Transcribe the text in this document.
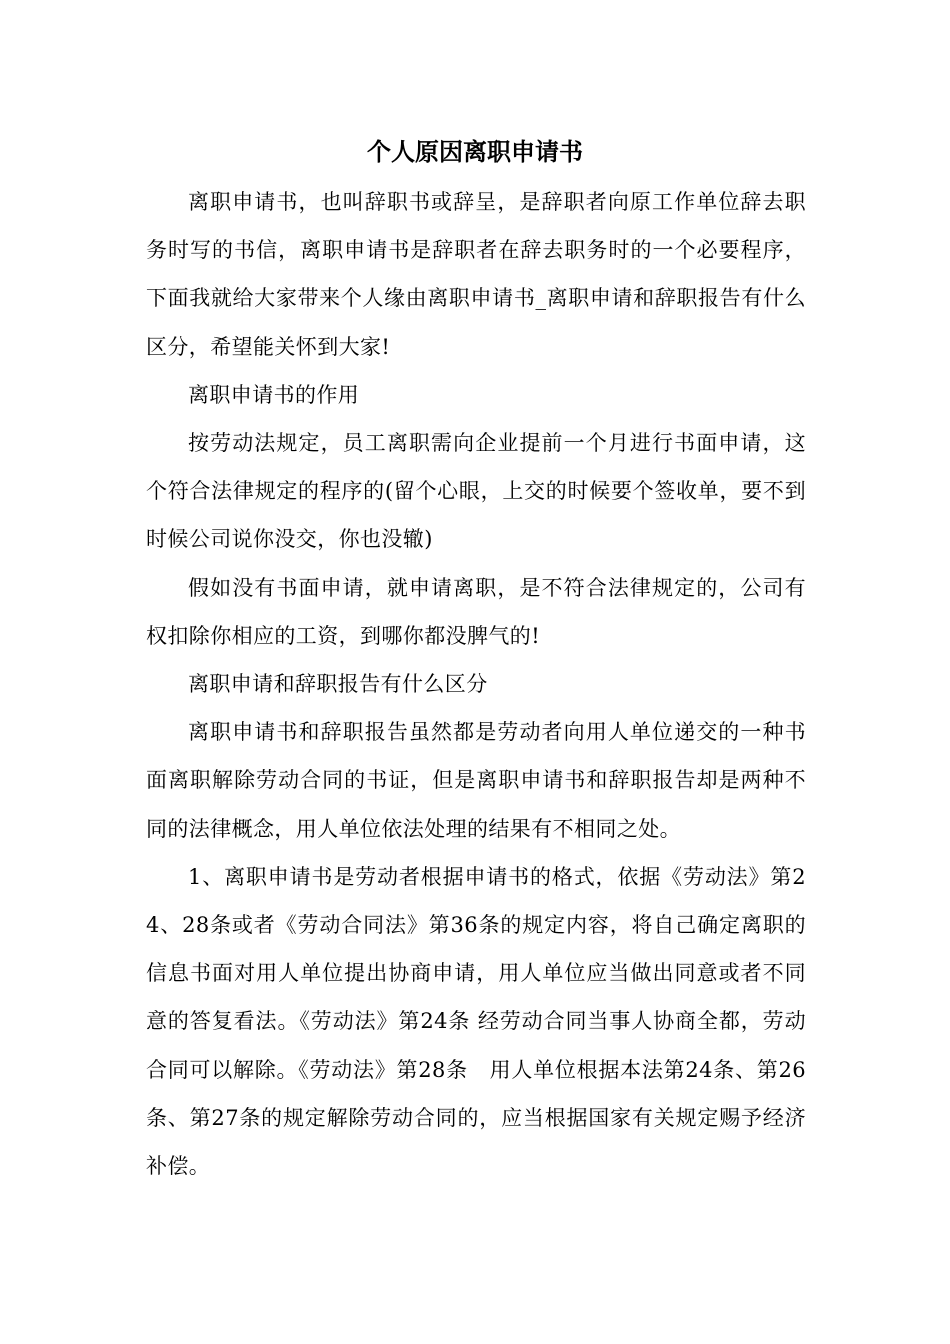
个人原因离职申请书

离职申请书，也叫辞职书或辞呈，是辞职者向原工作单位辞去职务时写的书信，离职申请书是辞职者在辞去职务时的一个必要程序，下面我就给大家带来个人缘由离职申请书_离职申请和辞职报告有什么区分，希望能关怀到大家!

离职申请书的作用

按劳动法规定，员工离职需向企业提前一个月进行书面申请，这个符合法律规定的程序的(留个心眼，上交的时候要个签收单，要不到时候公司说你没交，你也没辙)

假如没有书面申请，就申请离职，是不符合法律规定的，公司有权扣除你相应的工资，到哪你都没脾气的!

离职申请和辞职报告有什么区分

离职申请书和辞职报告虽然都是劳动者向用人单位递交的一种书面离职解除劳动合同的书证，但是离职申请书和辞职报告却是两种不同的法律概念，用人单位依法处理的结果有不相同之处。

1、离职申请书是劳动者根据申请书的格式，依据《劳动法》第24、28条或者《劳动合同法》第36条的规定内容，将自己确定离职的信息书面对用人单位提出协商申请，用人单位应当做出同意或者不同意的答复看法。《劳动法》第24条 经劳动合同当事人协商全都，劳动合同可以解除。《劳动法》第28条　用人单位根据本法第24条、第26条、第27条的规定解除劳动合同的，应当根据国家有关规定赐予经济补偿。
